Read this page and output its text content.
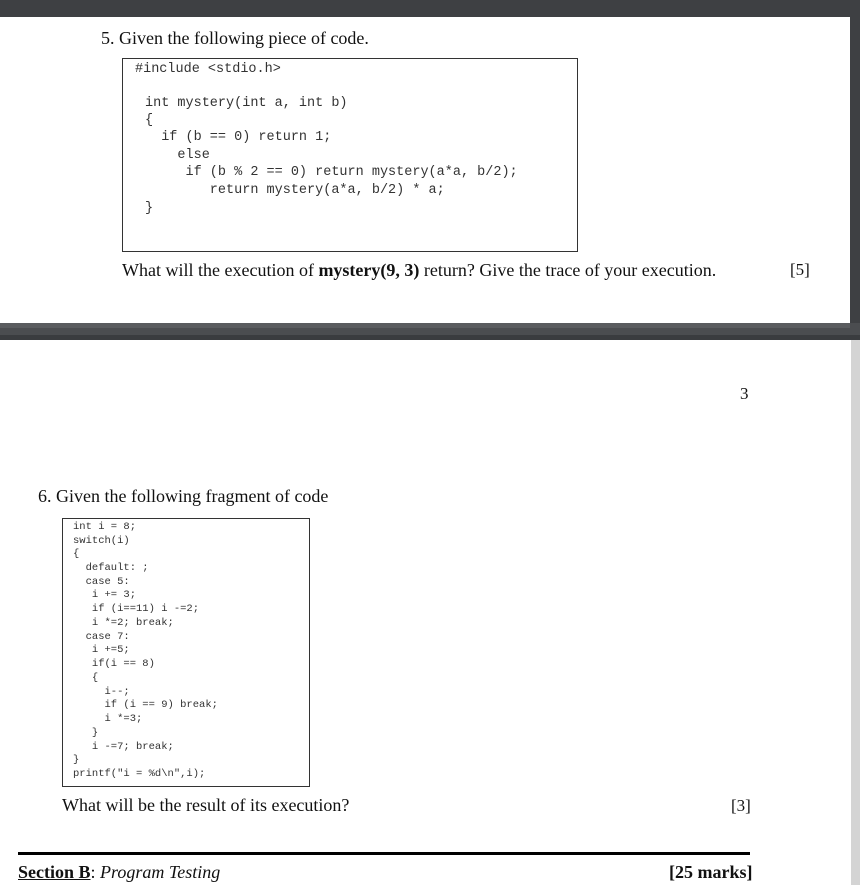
5. Given the following piece of code.
#include <stdio.h>
int mystery(int a, int b)
{
if (b == 0) return 1;
else
if (b % 2 == 0) return mystery(a*a, b/2);
return mystery(a*a, b/2) * a;
}
What will the execution of mystery(9, 3) return? Give the trace of your execution.	[5]
3
6. Given the following fragment of code
int i = 8;
switch(i)
{
default: ;
case 5:
i += 3;
if (i==11) i -=2;
i *=2; break;
case 7:
i +=5;
if(i == 8)
{
i--;
if (i == 9) break;
i *=3;
}
i -=7; break;
}
printf("i = %d\n",i);
What will be the result of its execution?	[3]
Section B: Program Testing	[25 marks]
